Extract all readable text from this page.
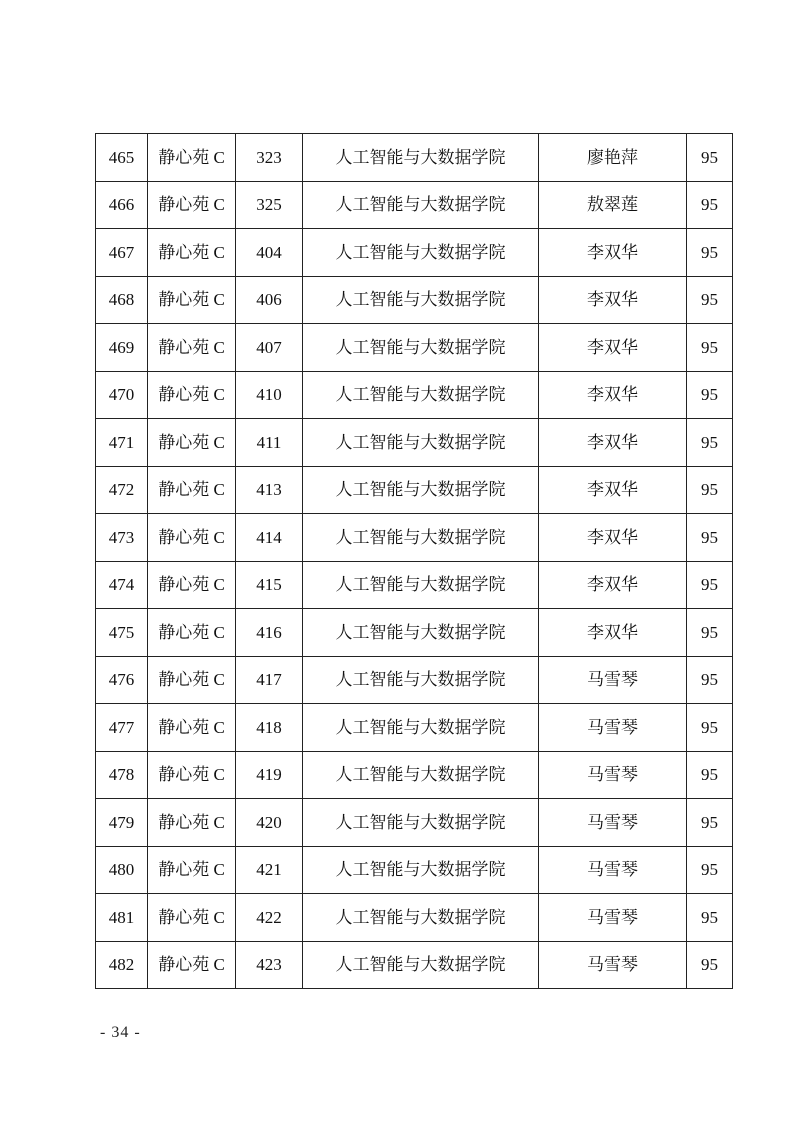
465	静心苑 C	323	人工智能与大数据学院	廖艳萍	95
466	静心苑 C	325	人工智能与大数据学院	敖翠莲	95
467	静心苑 C	404	人工智能与大数据学院	李双华	95
468	静心苑 C	406	人工智能与大数据学院	李双华	95
469	静心苑 C	407	人工智能与大数据学院	李双华	95
470	静心苑 C	410	人工智能与大数据学院	李双华	95
471	静心苑 C	411	人工智能与大数据学院	李双华	95
472	静心苑 C	413	人工智能与大数据学院	李双华	95
473	静心苑 C	414	人工智能与大数据学院	李双华	95
474	静心苑 C	415	人工智能与大数据学院	李双华	95
475	静心苑 C	416	人工智能与大数据学院	李双华	95
476	静心苑 C	417	人工智能与大数据学院	马雪琴	95
477	静心苑 C	418	人工智能与大数据学院	马雪琴	95
478	静心苑 C	419	人工智能与大数据学院	马雪琴	95
479	静心苑 C	420	人工智能与大数据学院	马雪琴	95
480	静心苑 C	421	人工智能与大数据学院	马雪琴	95
481	静心苑 C	422	人工智能与大数据学院	马雪琴	95
482	静心苑 C	423	人工智能与大数据学院	马雪琴	95
- 34 -
